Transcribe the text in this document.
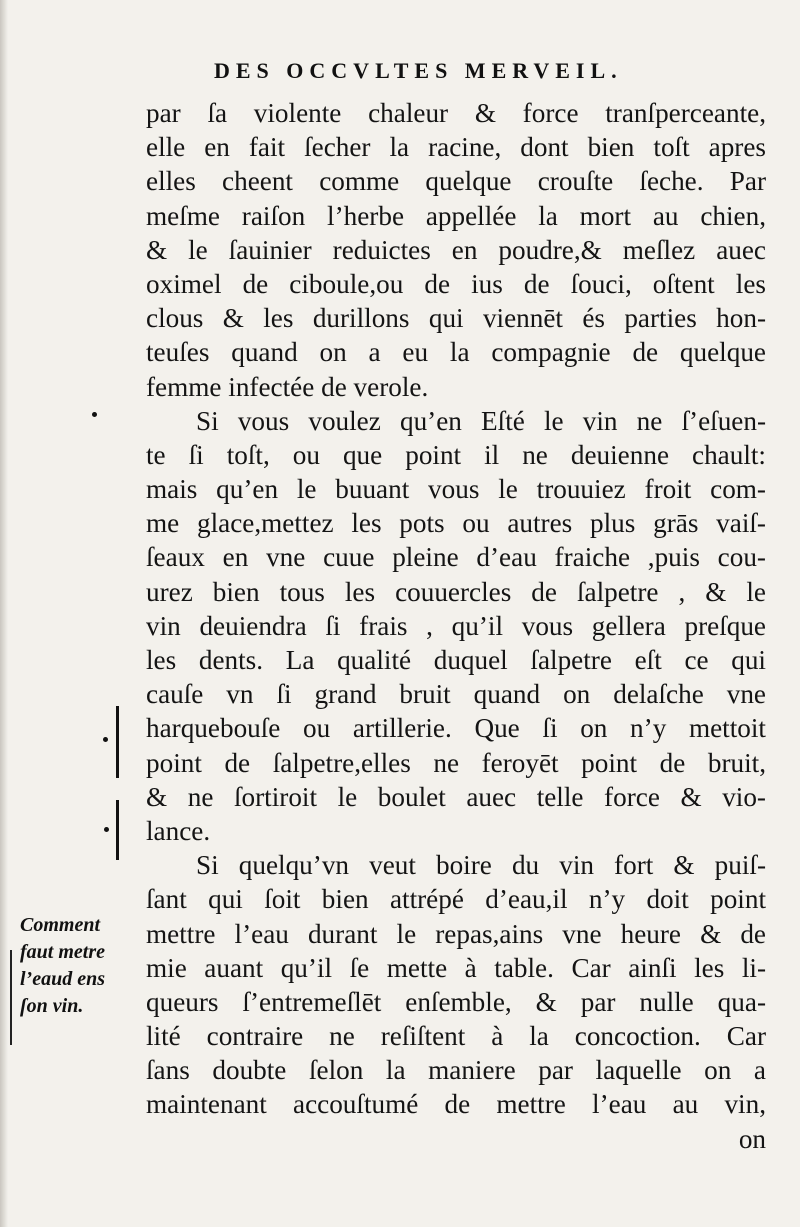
DES OCCVLTES MERVEIL.
par ſa violente chaleur & force tranſperceante,
elle en fait ſecher la racine, dont bien toſt apres
elles cheent comme quelque crouſte ſeche. Par
meſme raiſon l’herbe appellée la mort au chien,
& le ſauinier reduictes en poudre,& meſlez auec
oximel de ciboule,ou de ius de ſouci, oſtent les
clous & les durillons qui viennēt és parties hon-
teuſes quand on a eu la compagnie de quelque
femme infectée de verole.
Si vous voulez qu’en Eſté le vin ne ſ’eſuen-
te ſi toſt, ou que point il ne deuienne chault:
mais qu’en le buuant vous le trouuiez froit com-
me glace,mettez les pots ou autres plus grās vaiſ-
ſeaux en vne cuue pleine d’eau fraiche ,puis cou-
urez bien tous les couuercles de ſalpetre , & le
vin deuiendra ſi frais , qu’il vous gellera preſque
les dents. La qualité duquel ſalpetre eſt ce qui
cauſe vn ſi grand bruit quand on delaſche vne
harquebouſe ou artillerie. Que ſi on n’y mettoit
point de ſalpetre,elles ne feroyēt point de bruit,
& ne ſortiroit le boulet auec telle force & vio-
lance.
Si quelqu’vn veut boire du vin fort & puiſ-
ſant qui ſoit bien attrépé d’eau,il n’y doit point
mettre l’eau durant le repas,ains vne heure & de
mie auant qu’il ſe mette à table. Car ainſi les li-
queurs ſ’entremeſlēt enſemble, & par nulle qua-
lité contraire ne reſiſtent à la concoction. Car
ſans doubte ſelon la maniere par laquelle on a
maintenant accouſtumé de mettre l’eau au vin,
on
Comment
faut metre
l’eaud ens
ſon vin.
